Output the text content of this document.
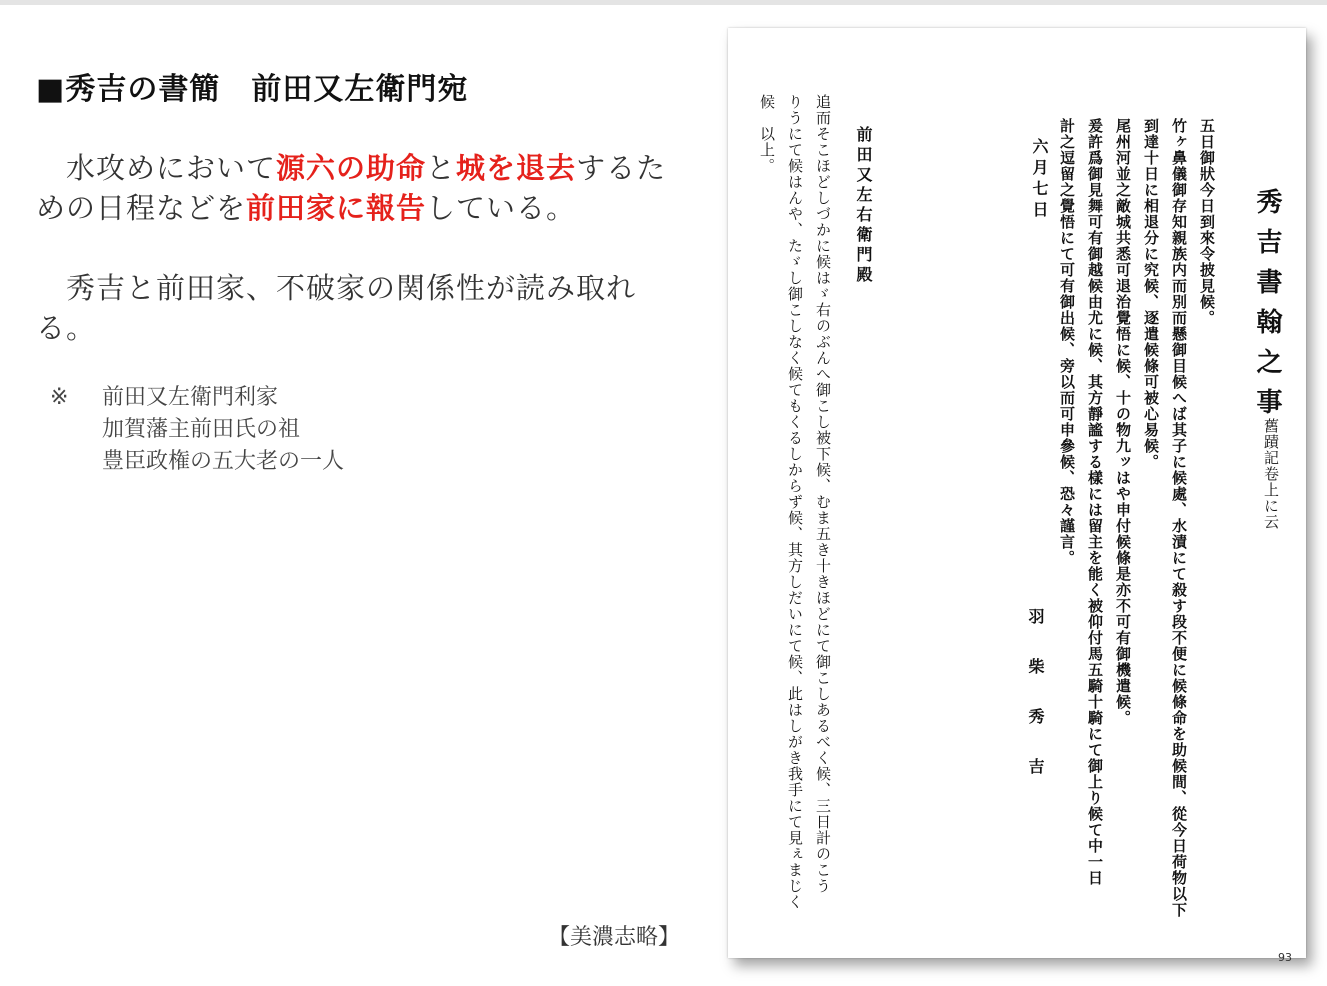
■秀吉の書簡　前田又左衛門宛
　水攻めにおいて源六の助命と城を退去するための日程などを前田家に報告している。
　秀吉と前田家、不破家の関係性が読み取れる。
※ 前田又左衛門利家
加賀藩主前田氏の祖
豊臣政権の五大老の一人
【美濃志略】
秀吉書翰之事
舊蹟記卷上に云
五日御狀今日到來令披見候。
竹ヶ鼻儀御存知親族内而別而懸御目候へば其子に候處、水漬にて殺す段不便に候條命を助候間、從今日荷物以下
到達十日に相退分に究候、逐遣候條可被心易候。
尾州河並之敵城共悉可退治覺悟に候、十の物九ッはや申付候條是亦不可有御機遣候。
爰許爲御見舞可有御越候由尤に候、其方靜謐する樣には留主を能く被仰付馬五騎十騎にて御上り候て中一日
計之逗留之覺悟にて可有御出候、旁以而可申參候、恐々謹言。
六月七日
羽柴秀吉
前田又左右衛門殿
追而そこほどしづかに候はゞ右のぶんへ御こし被下候、むま五き十きほどにて御こしあるべく候、三日計のこう
りうにて候はんや、たゞし御こしなく候てもくるしからず候、其方しだいにて候、此はしがき我手にて見ぇまじく
候　以上。
93
